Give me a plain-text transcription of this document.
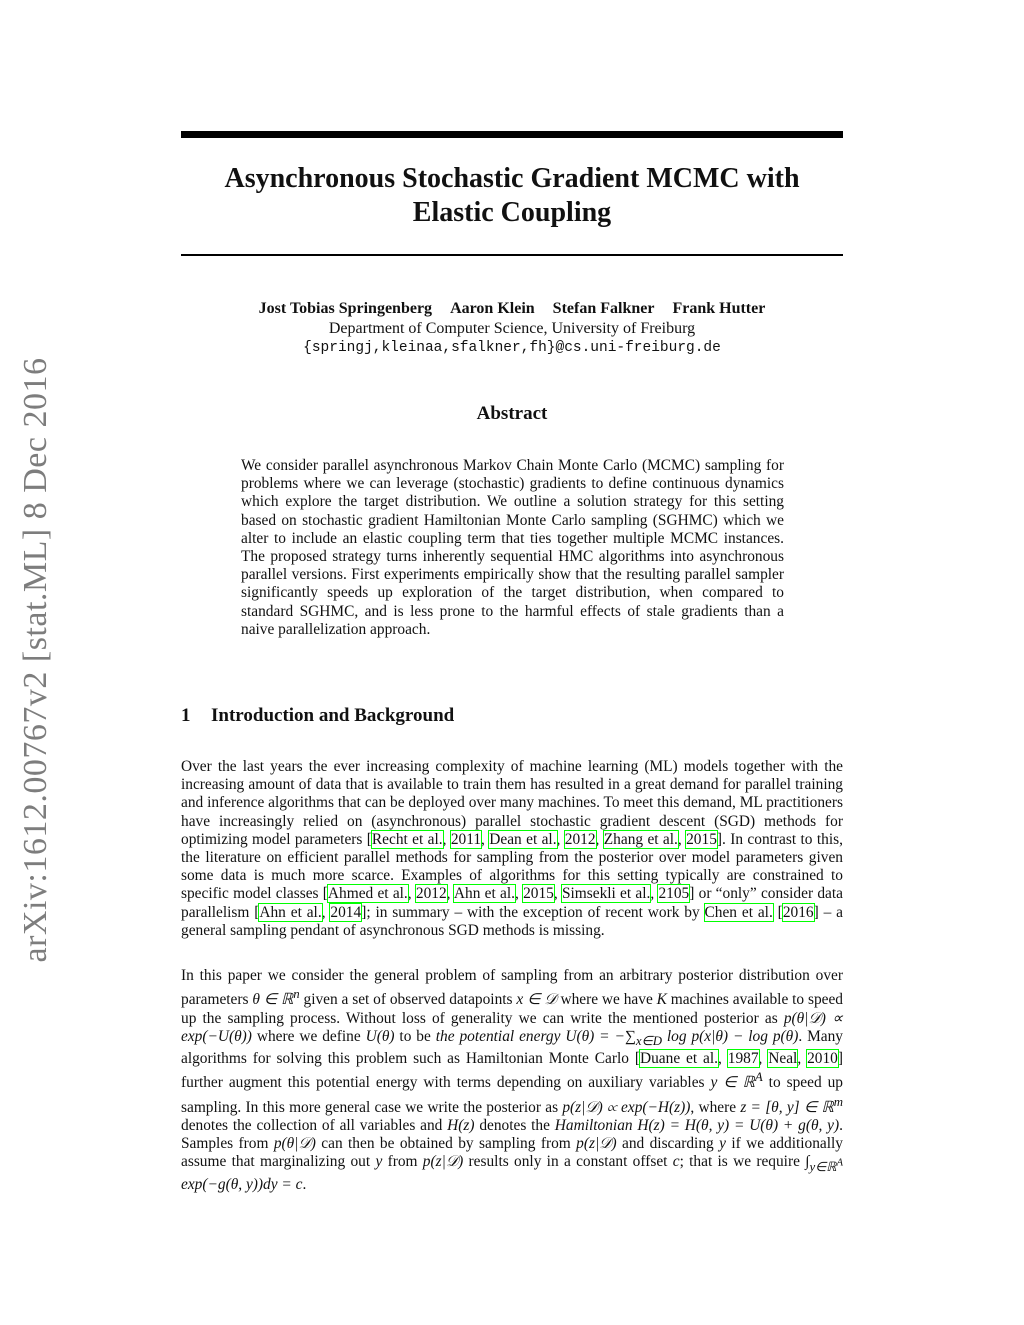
arXiv:1612.00767v2 [stat.ML] 8 Dec 2016
Asynchronous Stochastic Gradient MCMC with
Elastic Coupling
Jost Tobias Springenberg Aaron Klein Stefan Falkner Frank Hutter
Department of Computer Science, University of Freiburg
{springj,kleinaa,sfalkner,fh}@cs.uni-freiburg.de
Abstract
We consider parallel asynchronous Markov Chain Monte Carlo (MCMC) sampling for problems where we can leverage (stochastic) gradients to define continuous dynamics which explore the target distribution. We outline a solution strategy for this setting based on stochastic gradient Hamiltonian Monte Carlo sampling (SGHMC) which we alter to include an elastic coupling term that ties together multiple MCMC instances. The proposed strategy turns inherently sequential HMC algorithms into asynchronous parallel versions. First experiments empirically show that the resulting parallel sampler significantly speeds up exploration of the target distribution, when compared to standard SGHMC, and is less prone to the harmful effects of stale gradients than a naive parallelization approach.
1 Introduction and Background

Over the last years the ever increasing complexity of machine learning (ML) models together with the increasing amount of data that is available to train them has resulted in a great demand for parallel training and inference algorithms that can be deployed over many machines. To meet this demand, ML practitioners have increasingly relied on (asynchronous) parallel stochastic gradient descent (SGD) methods for optimizing model parameters [Recht et al., 2011, Dean et al., 2012, Zhang et al., 2015]. In contrast to this, the literature on efficient parallel methods for sampling from the posterior over model parameters given some data is much more scarce. Examples of algorithms for this setting typically are constrained to specific model classes [Ahmed et al., 2012, Ahn et al., 2015, Simsekli et al., 2105] or “only” consider data parallelism [Ahn et al., 2014]; in summary – with the exception of recent work by Chen et al. [2016] – a general sampling pendant of asynchronous SGD methods is missing.

In this paper we consider the general problem of sampling from an arbitrary posterior distribution over parameters θ ∈ ℝ$^n$ given a set of observed datapoints x ∈ 𝒟 where we have K machines available to speed up the sampling process. Without loss of generality we can write the mentioned posterior as p(θ|𝒟) ∝ exp(−U(θ)) where we define U(θ) to be the potential energy $U(\theta) = -\sum_{x\in D}$ log p(x|θ) − log p(θ). Many algorithms for solving this problem such as Hamiltonian Monte Carlo [Duane et al., 1987, Neal, 2010] further augment this potential energy with terms depending on auxiliary variables y ∈ ℝ$^A$ to speed up sampling. In this more general case we write the posterior as p(z|𝒟) ∝ exp(−H(z)), where z = [θ, y] ∈ ℝ$^m$ denotes the collection of all variables and H(z) denotes the Hamiltonian H(z) = H(θ, y) = U(θ) + g(θ, y). Samples from p(θ|𝒟) can then be obtained by sampling from p(z|𝒟) and discarding y if we additionally assume that marginalizing out y from p(z|𝒟) results only in a constant offset c; that is we require $\int_{y\in ℝ^A}$ exp(−g(θ, y))dy = c.
